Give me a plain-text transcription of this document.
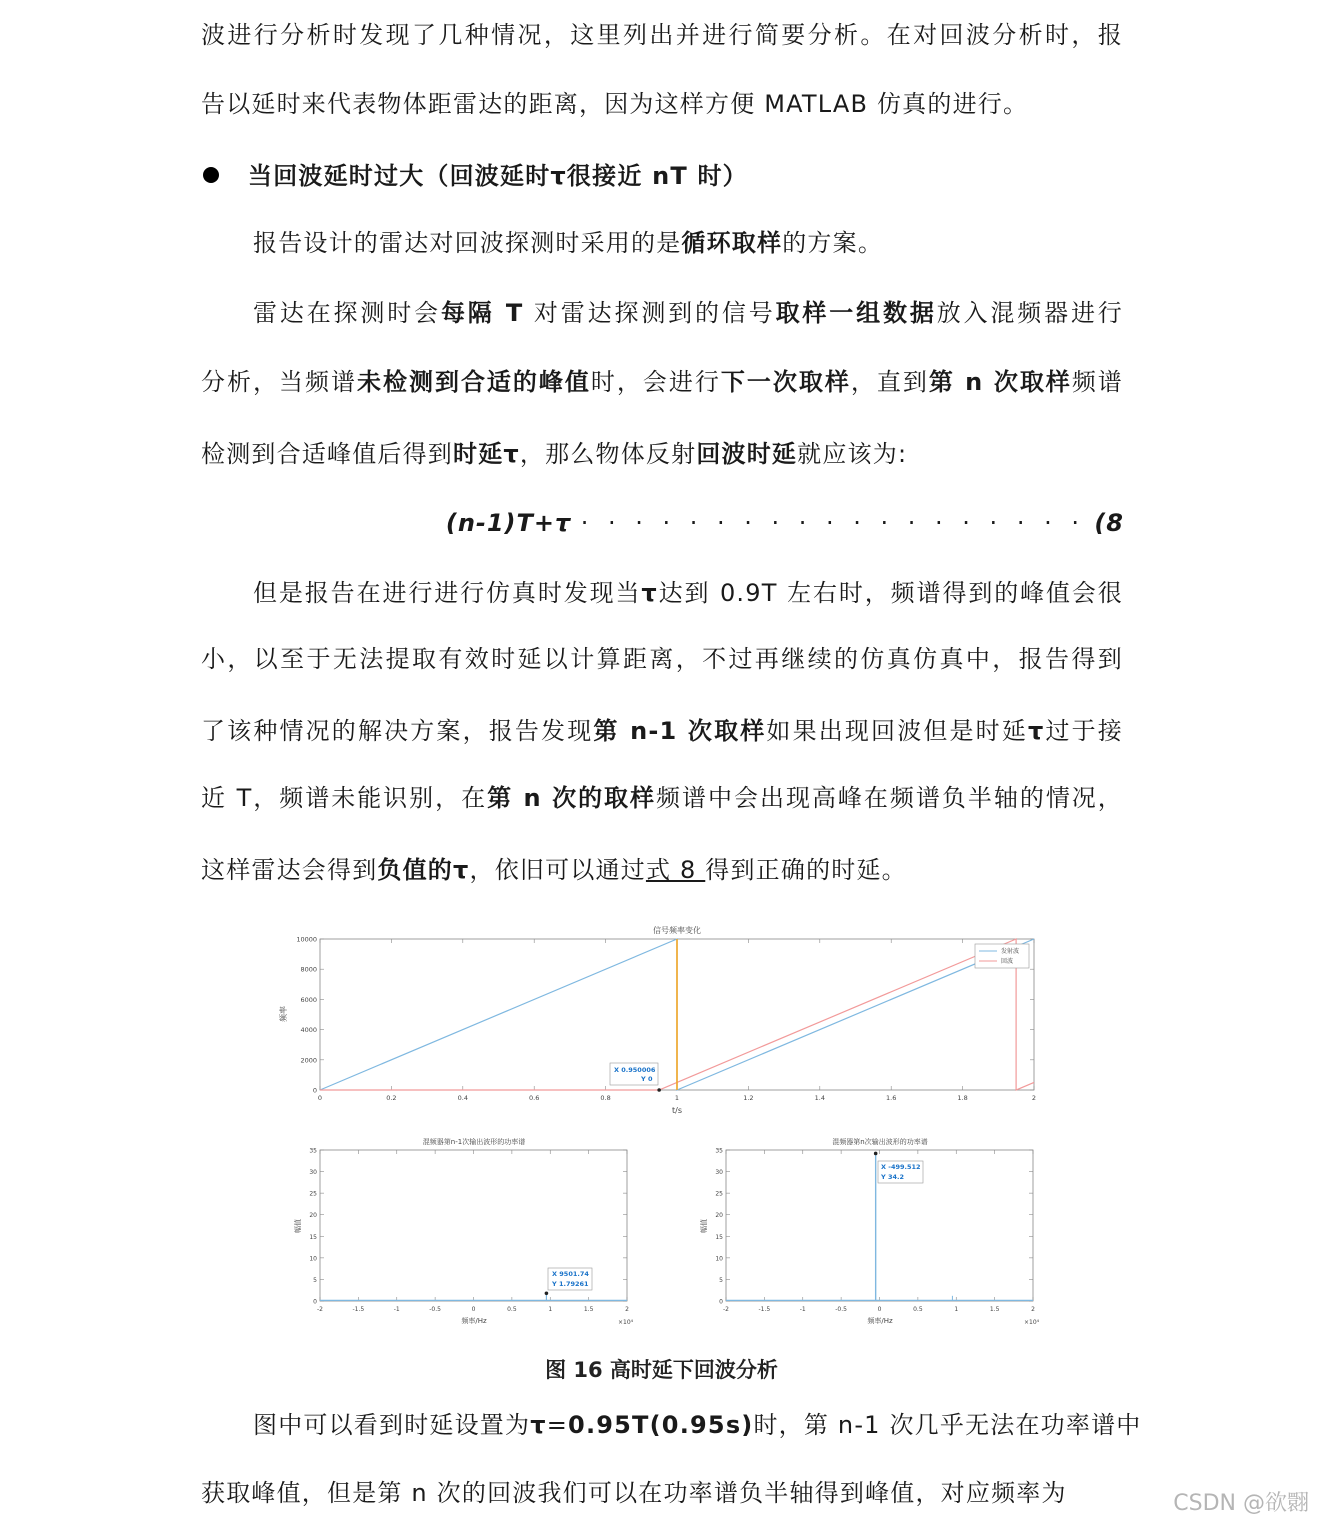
波进行分析时发现了几种情况，这里列出并进行简要分析。在对回波分析时，报
告以延时来代表物体距雷达的距离，因为这样方便 MATLAB 仿真的进行。
当回波延时过大（回波延时τ很接近 nT 时）
报告设计的雷达对回波探测时采用的是循环取样的方案。
雷达在探测时会每隔 T 对雷达探测到的信号取样一组数据放入混频器进行
分析，当频谱未检测到合适的峰值时，会进行下一次取样，直到第 n 次取样频谱
检测到合适峰值后得到时延τ，那么物体反射回波时延就应该为:
(n-1)T+τ · · · · · · · · · · · · · · · · · · · (8
但是报告在进行进行仿真时发现当τ达到 0.9T 左右时，频谱得到的峰值会很
小，以至于无法提取有效时延以计算距离，不过再继续的仿真仿真中，报告得到
了该种情况的解决方案，报告发现第 n-1 次取样如果出现回波但是时延τ过于接
近 T，频谱未能识别，在第 n 次的取样频谱中会出现高峰在频谱负半轴的情况，
这样雷达会得到负值的τ，依旧可以通过式 8 得到正确的时延。
信号频率变化
0
2000
4000
6000
8000
10000
0	0.2	0.4	0.6	0.8	1	1.2	1.4	1.6	1.8	2
t/s
频率
发射波
回波
X 0.950006
Y 0
混频器第n-1次输出波形的功率谱
0
5
10
15
20
25
30
35
-2	-1.5	-1	-0.5	0	0.5	1	1.5	2
频率/Hz	×10⁴
幅值
X 9501.74
Y 1.79261
混频器第n次输出波形的功率谱
0
5
10
15
20
25
30
35
-2	-1.5	-1	-0.5	0	0.5	1	1.5	2
频率/Hz	×10⁴
幅值
X -499.512
Y 34.2
图 16 高时延下回波分析
图中可以看到时延设置为τ=0.95T(0.95s)时，第 n-1 次几乎无法在功率谱中
获取峰值，但是第 n 次的回波我们可以在功率谱负半轴得到峰值，对应频率为	CSDN @欲翾
